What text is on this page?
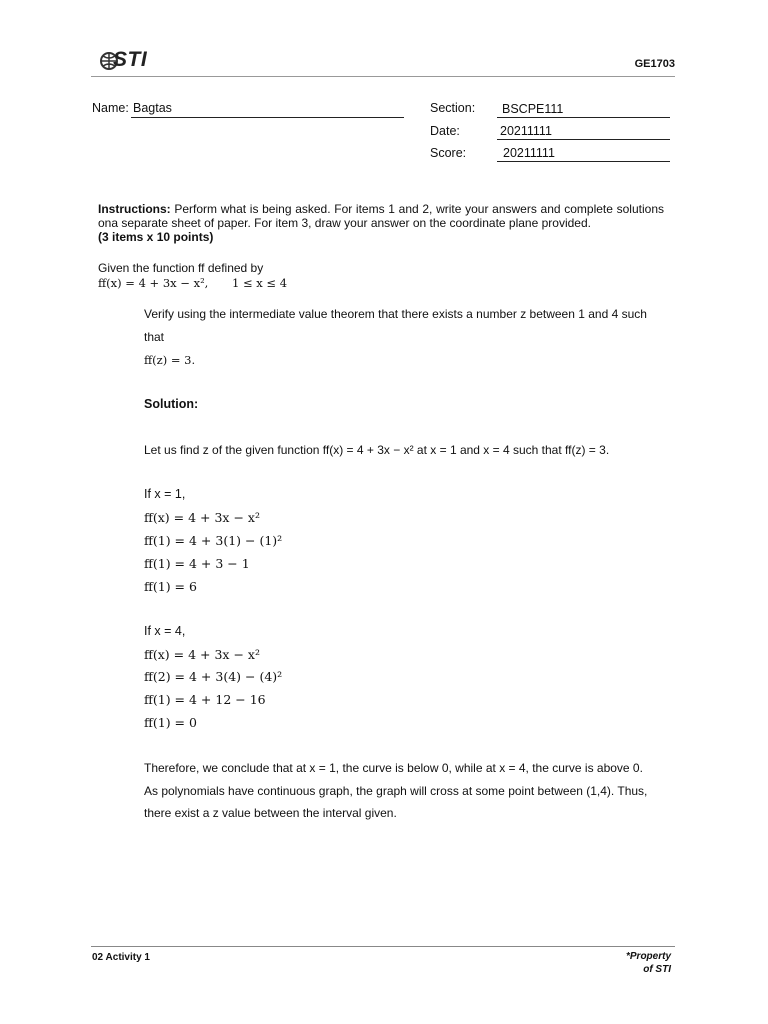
STI	GE1703
Name: Bagtas	Section:	BSCPE111
Date:	20211111
Score:	20211111
Instructions: Perform what is being asked. For items 1 and 2, write your answers and complete solutions ona separate sheet of paper. For item 3, draw your answer on the coordinate plane provided.
(3 items x 10 points)
Given the function ff defined by
ff(x) = 4 + 3x − x², 1 ≤ x ≤ 4
Verify using the intermediate value theorem that there exists a number z between 1 and 4 such
that
ff(z) = 3.
Solution:
Let us find z of the given function ff(x) = 4 + 3x − x² at x = 1 and x = 4 such that ff(z) = 3.
If x = 1,
ff(x) = 4 + 3x − x²
ff(1) = 4 + 3(1) − (1)²
ff(1) = 4 + 3 − 1
ff(1) = 6
If x = 4,
ff(x) = 4 + 3x − x²
ff(2) = 4 + 3(4) − (4)²
ff(1) = 4 + 12 − 16
ff(1) = 0
Therefore, we conclude that at x = 1, the curve is below 0, while at x = 4, the curve is above 0.
As polynomials have continuous graph, the graph will cross at some point between (1,4). Thus,
there exist a z value between the interval given.
02 Activity 1	*Property
of STI
